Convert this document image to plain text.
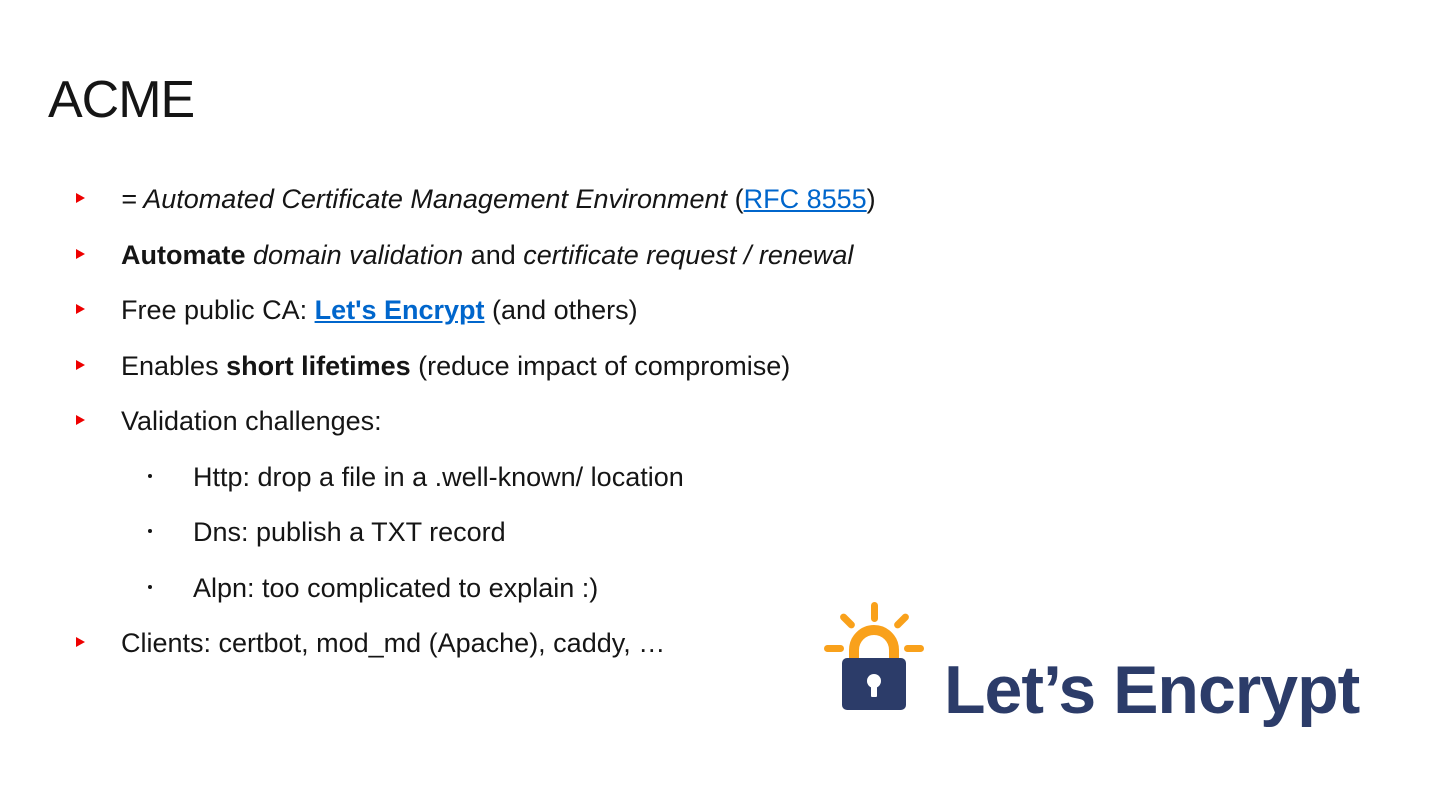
ACME
= Automated Certificate Management Environment (RFC 8555)
Automate domain validation and certificate request / renewal
Free public CA: Let's Encrypt (and others)
Enables short lifetimes (reduce impact of compromise)
Validation challenges:
Http: drop a file in a .well-known/ location
Dns: publish a TXT record
Alpn: too complicated to explain :)
Clients: certbot, mod_md (Apache), caddy, …
Let’s Encrypt
